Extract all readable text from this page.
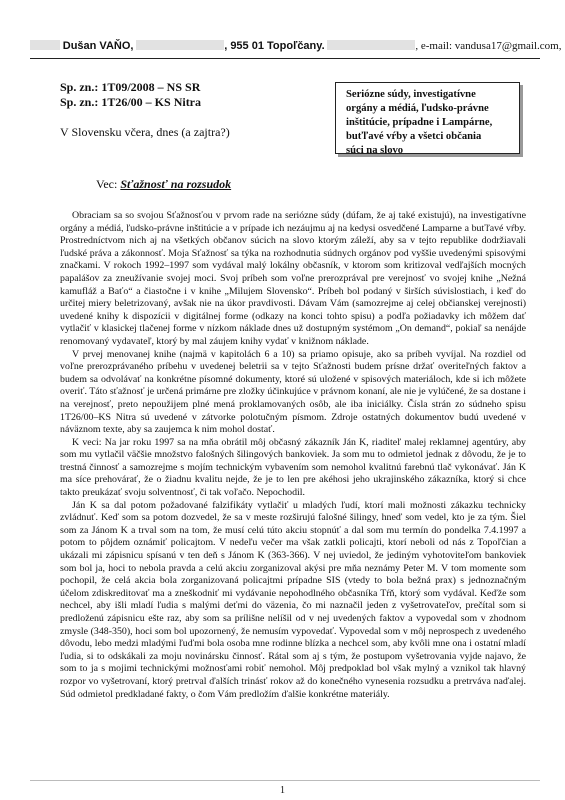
Dušan VAŇO,	, 955 01 Topoľčany.	, e-mail: vandusa17@gmail.com,
Sp. zn.: 1T09/2008 – NS SR
Sp. zn.: 1T26/00 – KS Nitra
V Slovensku včera, dnes (a zajtra?)
Seriózne súdy, investigatívne
orgány a médiá, ľudsko-právne
inštitúcie, prípadne i Lampárne,
buťľavé vŕby a všetci občania
súci na slovo
Vec: Sťažnosť na rozsudok

Obraciam sa so svojou Sťažnosťou v prvom rade na seriózne súdy (dúfam, že aj také existujú), na investigatívne orgány a médiá, ľudsko-právne inštitúcie a v prípade ich nezáujmu aj na kedysi osvedčené Lamparne a buťľavé vŕby. Prostredníctvom nich aj na všetkých občanov súcich na slovo ktorým záleží, aby sa v tejto republike dodržiavali ľudské práva a zákonnosť. Moja Sťažnosť sa týka na rozhodnutia súdnych orgánov pod vyššie uvedenými spisovými značkami. V rokoch 1992–1997 som vydával malý lokálny občasník, v ktorom som kritizoval vedľajších mocných papalášov za zneužívanie svojej moci. Svoj príbeh som voľne prerozprával pre verejnosť vo svojej knihe „Nežná kamufláž a Baťo“ a čiastočne i v knihe „Milujem Slovensko“. Príbeh bol podaný v širších súvislostiach, i keď do určitej miery beletrizovaný, avšak nie na úkor pravdivosti. Dávam Vám (samozrejme aj celej občianskej verejnosti) uvedené knihy k dispozícii v digitálnej forme (odkazy na konci tohto spisu) a podľa požiadavky ich môžem dať vytlačiť v klasickej tlačenej forme v nízkom náklade dnes už dostupným systémom „On demand“, pokiaľ sa nenájde renomovaný vydavateľ, ktorý by mal záujem knihy vydať v knižnom náklade.

V prvej menovanej knihe (najmä v kapitolách 6 a 10) sa priamo opisuje, ako sa príbeh vyvíjal. Na rozdiel od voľne prerozprávaného príbehu v uvedenej beletrii sa v tejto Sťažnosti budem prísne držať overiteľných faktov a budem sa odvolávať na konkrétne písomné dokumenty, ktoré sú uložené v spisových materiáloch, kde si ich môžete overiť. Táto sťažnosť je určená primárne pre zložky účinkujúce v právnom konaní, ale nie je vylúčené, že sa dostane i na verejnosť, preto nepoužijem plné mená proklamovaných osôb, ale iba iniciálky. Čísla strán zo súdneho spisu 1T26/00–KS Nitra sú uvedené v zátvorke polotučným písmom. Zdroje ostatných dokumentov budú uvedené v náväznom texte, aby sa zaujemca k nim mohol dostať.

K veci: Na jar roku 1997 sa na mňa obrátil môj občasný zákazník Ján K, riaditeľ malej reklamnej agentúry, aby som mu vytlačil väčšie množstvo falošných šilingových bankoviek. Ja som mu to odmietol jednak z dôvodu, že je to trestná činnosť a samozrejme s mojím technickým vybavením som nemohol kvalitnú farebnú tlač vykonávať. Ján K ma síce prehovárať, že o žiadnu kvalitu nejde, že je to len pre akéhosi jeho ukrajinského zákazníka, ktorý si chce takto preukázať svoju solventnosť, či tak voľačo. Nepochodil.

Ján K sa dal potom požadované falzifikáty vytlačiť u mladých ľudí, ktorí mali možnosti zákazku technicky zvládnuť. Keď som sa potom dozvedel, že sa v meste rozširujú falošné šilingy, hneď som vedel, kto je za tým. Šiel som za Jánom K a trval som na tom, že musí celú túto akciu stopnúť a dal som mu termín do pondelka 7.4.1997 a potom to pôjdem oznámiť policajtom. V nedeľu večer ma však zatkli policajti, ktorí neboli od nás z Topoľčian a ukázali mi zápisnicu spísanú v ten deň s Jánom K (363-366). V nej uviedol, že jediným vyhotoviteľom bankoviek som bol ja, hoci to nebola pravda a celú akciu zorganizoval akýsi pre mňa neznámy Peter M. V tom momente som pochopil, že celá akcia bola zorganizovaná policajtmi prípadne SIS (vtedy to bola bežná prax) s jednoznačným účelom zdiskreditovať ma a zneškodniť mi vydávanie nepohodlného občasníka Tŕň, ktorý som vydával. Keďže som nechcel, aby išli mladí ľudia s malými deťmi do väzenia, čo mi naznačil jeden z vyšetrovateľov, prečítal som si predloženú zápisnicu ešte raz, aby som sa prílišne nelíšil od v nej uvedených faktov a vypovedal som v zhodnom zmysle (348-350), hoci som bol upozornený, že nemusím vypovedať. Vypovedal som v môj neprospech z uvedeného dôvodu, lebo medzi mladými ľuďmi bola osoba mne rodinne blízka a nechcel som, aby kvôli mne ona i ostatní mladí ľudia, si to odskákali za moju novinársku činnosť. Rátal som aj s tým, že postupom vyšetrovania vyjde najavo, že som to ja s mojimi technickými možnosťami robiť nemohol. Môj predpoklad bol však mylný a vznikol tak hlavný rozpor vo vyšetrovaní, ktorý pretrval ďalších trinásť rokov až do konečného vynesenia rozsudku a pretrváva naďalej. Súd odmietol predkladané fakty, o čom Vám predložím ďalšie konkrétne materiály.

1
